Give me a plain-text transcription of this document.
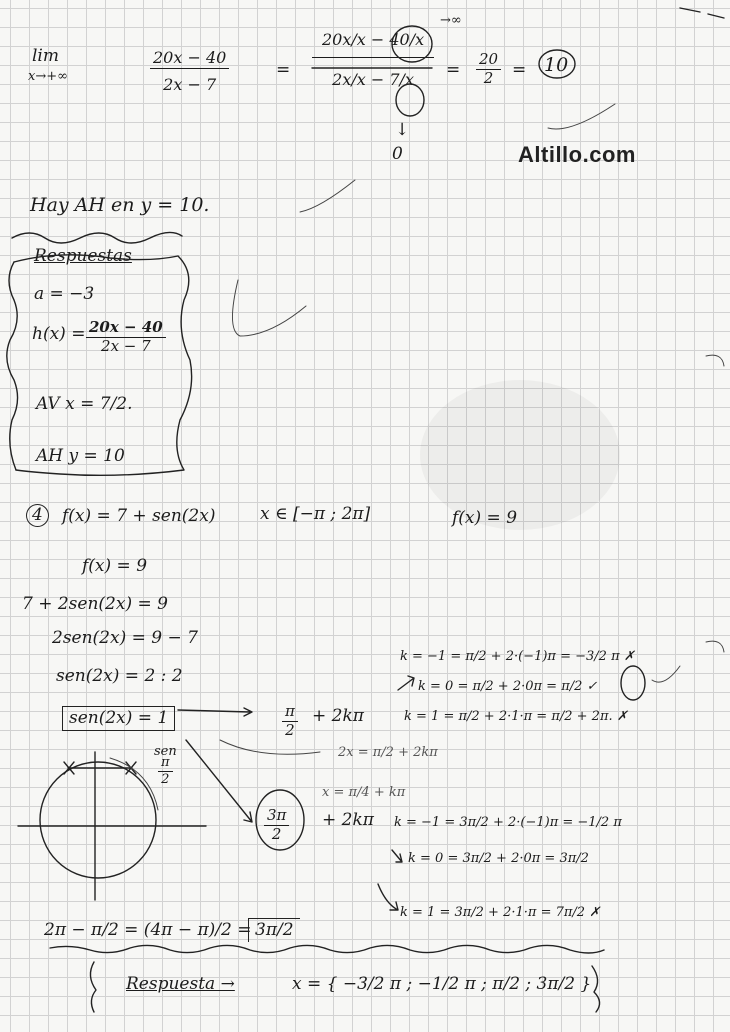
lim
x→+∞	$\frac{20x - 40}{2x - 7}$	= $\frac{20x/x - 40/x}{2x/x - 7/x}$
→∞
↓
0
= $\frac{20}{2} = 10$
Altillo.com
Hay AH en y = 10.
Respuestas
a = −3
$h(x) = \frac{20x - 40}{2x - 7}$
AV x = 7/2.
AH y = 10
4	f(x) = 7 + sen(2x)	x ∈ [−π ; 2π]	f(x) = 9
f(x) = 9
7 + 2sen(2x) = 9
2sen(2x) = 9 − 7
sen(2x) = 2 : 2
sen(2x) = 1	$\frac{\pi}{2} + 2k\pi$
2x = π/2 + 2kπ
x = π/4 + kπ
k = −1 = π/2 + 2·(−1)π = −3/2 π ✗
k = 0 = π/2 + 2·0π = π/2 ✓
k = 1 = π/2 + 2·1·π = π/2 + 2π. ✗
sen
$\frac{\pi}{2}$
$\frac{3\pi}{2} + 2k\pi$ k = −1 = 3π/2 + 2·(−1)π = −1/2 π
k = 0 = 3π/2 + 2·0π = 3π/2
k = 1 = 3π/2 + 2·1·π = 7π/2 ✗
2π − π/2 = (4π − π)/2 = 3π/2
Respuesta →	x = { −3/2 π ; −1/2 π ; π/2 ; 3π/2 }
